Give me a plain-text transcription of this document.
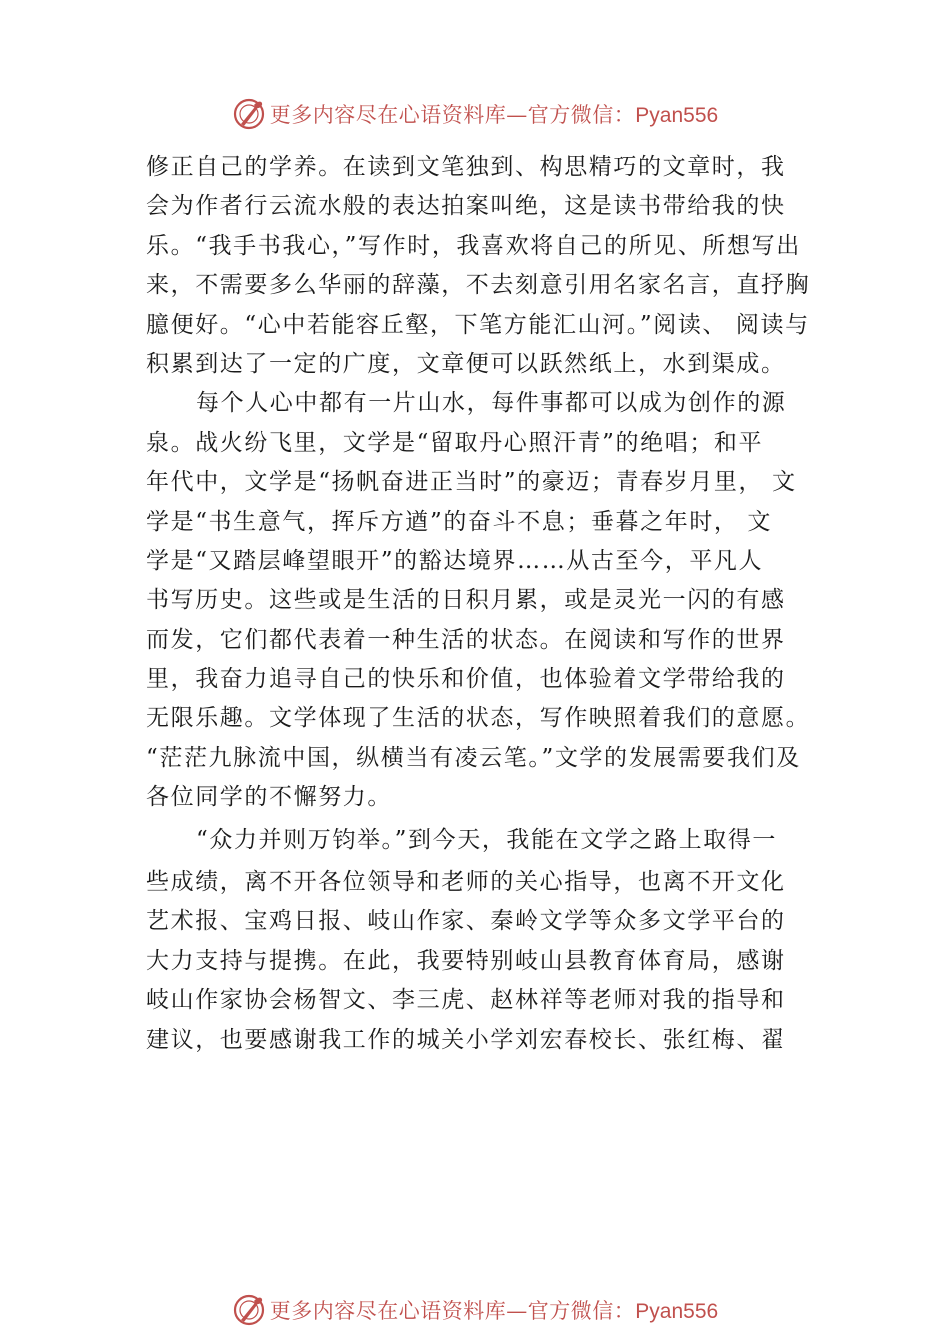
更多内容尽在心语资料库—官方微信：Pyan556
修正自己的学养。在读到文笔独到、构思精巧的文章时，我
会为作者行云流水般的表达拍案叫绝，这是读书带给我的快
乐。“我手书我心，”写作时，我喜欢将自己的所见、所想写出
来，不需要多么华丽的辞藻，不去刻意引用名家名言，直抒胸
臆便好。“心中若能容丘壑，下笔方能汇山河。”阅读、 阅读与
积累到达了一定的广度，文章便可以跃然纸上，水到渠成。
每个人心中都有一片山水，每件事都可以成为创作的源
泉。战火纷飞里，文学是“留取丹心照汗青”的绝唱；和平
年代中，文学是“扬帆奋进正当时”的豪迈；青春岁月里， 文
学是“书生意气，挥斥方遒”的奋斗不息；垂暮之年时， 文
学是“又踏层峰望眼开”的豁达境界……从古至今，平凡人
书写历史。这些或是生活的日积月累，或是灵光一闪的有感
而发，它们都代表着一种生活的状态。在阅读和写作的世界
里，我奋力追寻自己的快乐和价值，也体验着文学带给我的
无限乐趣。文学体现了生活的状态，写作映照着我们的意愿。
“茫茫九脉流中国，纵横当有凌云笔。”文学的发展需要我们及
各位同学的不懈努力。
“众力并则万钧举。”到今天，我能在文学之路上取得一
些成绩，离不开各位领导和老师的关心指导，也离不开文化
艺术报、宝鸡日报、岐山作家、秦岭文学等众多文学平台的
大力支持与提携。在此，我要特别岐山县教育体育局，感谢
岐山作家协会杨智文、李三虎、赵林祥等老师对我的指导和
建议，也要感谢我工作的城关小学刘宏春校长、张红梅、翟
更多内容尽在心语资料库—官方微信：Pyan556
